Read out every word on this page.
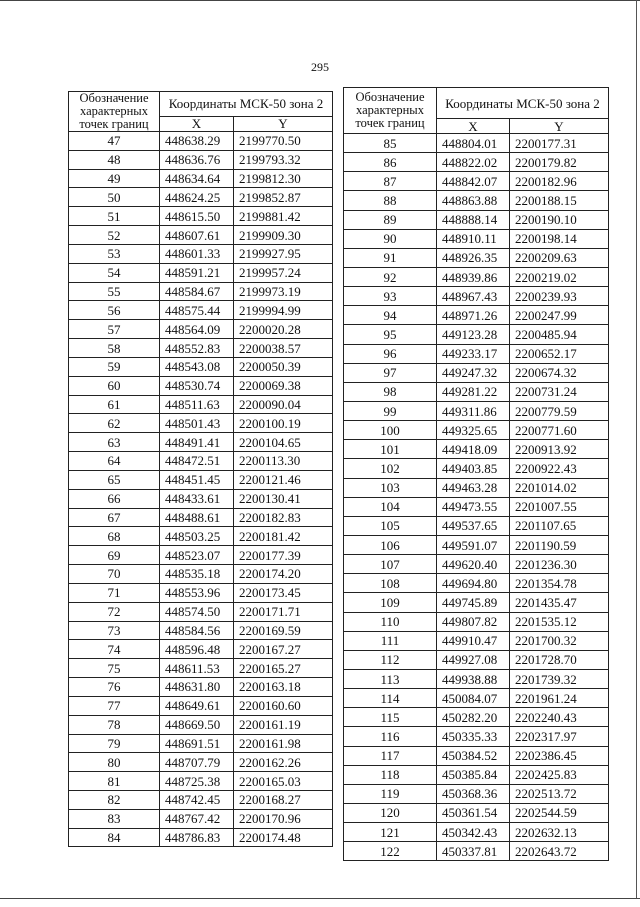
295
Обозначение характерных точек границ	Координаты МСК-50 зона 2	
	X	Y
47	448638.29	2199770.50
48	448636.76	2199793.32
49	448634.64	2199812.30
50	448624.25	2199852.87
51	448615.50	2199881.42
52	448607.61	2199909.30
53	448601.33	2199927.95
54	448591.21	2199957.24
55	448584.67	2199973.19
56	448575.44	2199994.99
57	448564.09	2200020.28
58	448552.83	2200038.57
59	448543.08	2200050.39
60	448530.74	2200069.38
61	448511.63	2200090.04
62	448501.43	2200100.19
63	448491.41	2200104.65
64	448472.51	2200113.30
65	448451.45	2200121.46
66	448433.61	2200130.41
67	448488.61	2200182.83
68	448503.25	2200181.42
69	448523.07	2200177.39
70	448535.18	2200174.20
71	448553.96	2200173.45
72	448574.50	2200171.71
73	448584.56	2200169.59
74	448596.48	2200167.27
75	448611.53	2200165.27
76	448631.80	2200163.18
77	448649.61	2200160.60
78	448669.50	2200161.19
79	448691.51	2200161.98
80	448707.79	2200162.26
81	448725.38	2200165.03
82	448742.45	2200168.27
83	448767.42	2200170.96
84	448786.83	2200174.48
Обозначение характерных точек границ	Координаты МСК-50 зона 2	
	X	Y
85	448804.01	2200177.31
86	448822.02	2200179.82
87	448842.07	2200182.96
88	448863.88	2200188.15
89	448888.14	2200190.10
90	448910.11	2200198.14
91	448926.35	2200209.63
92	448939.86	2200219.02
93	448967.43	2200239.93
94	448971.26	2200247.99
95	449123.28	2200485.94
96	449233.17	2200652.17
97	449247.32	2200674.32
98	449281.22	2200731.24
99	449311.86	2200779.59
100	449325.65	2200771.60
101	449418.09	2200913.92
102	449403.85	2200922.43
103	449463.28	2201014.02
104	449473.55	2201007.55
105	449537.65	2201107.65
106	449591.07	2201190.59
107	449620.40	2201236.30
108	449694.80	2201354.78
109	449745.89	2201435.47
110	449807.82	2201535.12
111	449910.47	2201700.32
112	449927.08	2201728.70
113	449938.88	2201739.32
114	450084.07	2201961.24
115	450282.20	2202240.43
116	450335.33	2202317.97
117	450384.52	2202386.45
118	450385.84	2202425.83
119	450368.36	2202513.72
120	450361.54	2202544.59
121	450342.43	2202632.13
122	450337.81	2202643.72
